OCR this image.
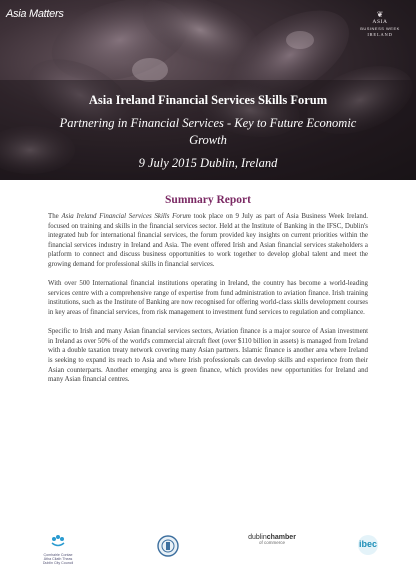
Asia Matters	❦
ASIA
BUSINESS WEEK
IRELAND
Asia Ireland Financial Services Skills Forum
Partnering in Financial Services - Key to Future Economic Growth
9 July 2015 Dublin, Ireland
Summary Report

The Asia Ireland Financial Services Skills Forum took place on 9 July as part of Asia Business Week Ireland. focused on training and skills in the financial services sector. Held at the Institute of Banking in the IFSC, Dublin's integrated hub for international financial services, the forum provided key insights on current priorities within the financial services industry in Ireland and Asia. The event offered Irish and Asian financial services stakeholders a platform to connect and discuss business opportunities to work together to develop global talent and meet the growing demand for professional skills in financial services.

With over 500 International financial institutions operating in Ireland, the country has become a world-leading services centre with a comprehensive range of expertise from fund administration to aviation finance. Irish training institutions, such as the Institute of Banking are now recognised for offering world-class skills development courses in key areas of financial services, from risk management to investment fund services to regulation and compliance.

Specific to Irish and many Asian financial services sectors, Aviation finance is a major source of Asian investment in Ireland as over 50% of the world's commercial aircraft fleet (over $110 billion in assets) is managed from Ireland with a double taxation treaty network covering many Asian partners. Islamic finance is another area where Ireland is seeking to expand its reach to Asia and where Irish professionals can develop skills and experience from their Asian counterparts. Another emerging area is green finance, which provides new opportunities for Ireland and many Asian financial centres.

Comhairle Contae
Átha Cliath Theas
Dublin City Council
dublinchamber
of commerce	ibec
